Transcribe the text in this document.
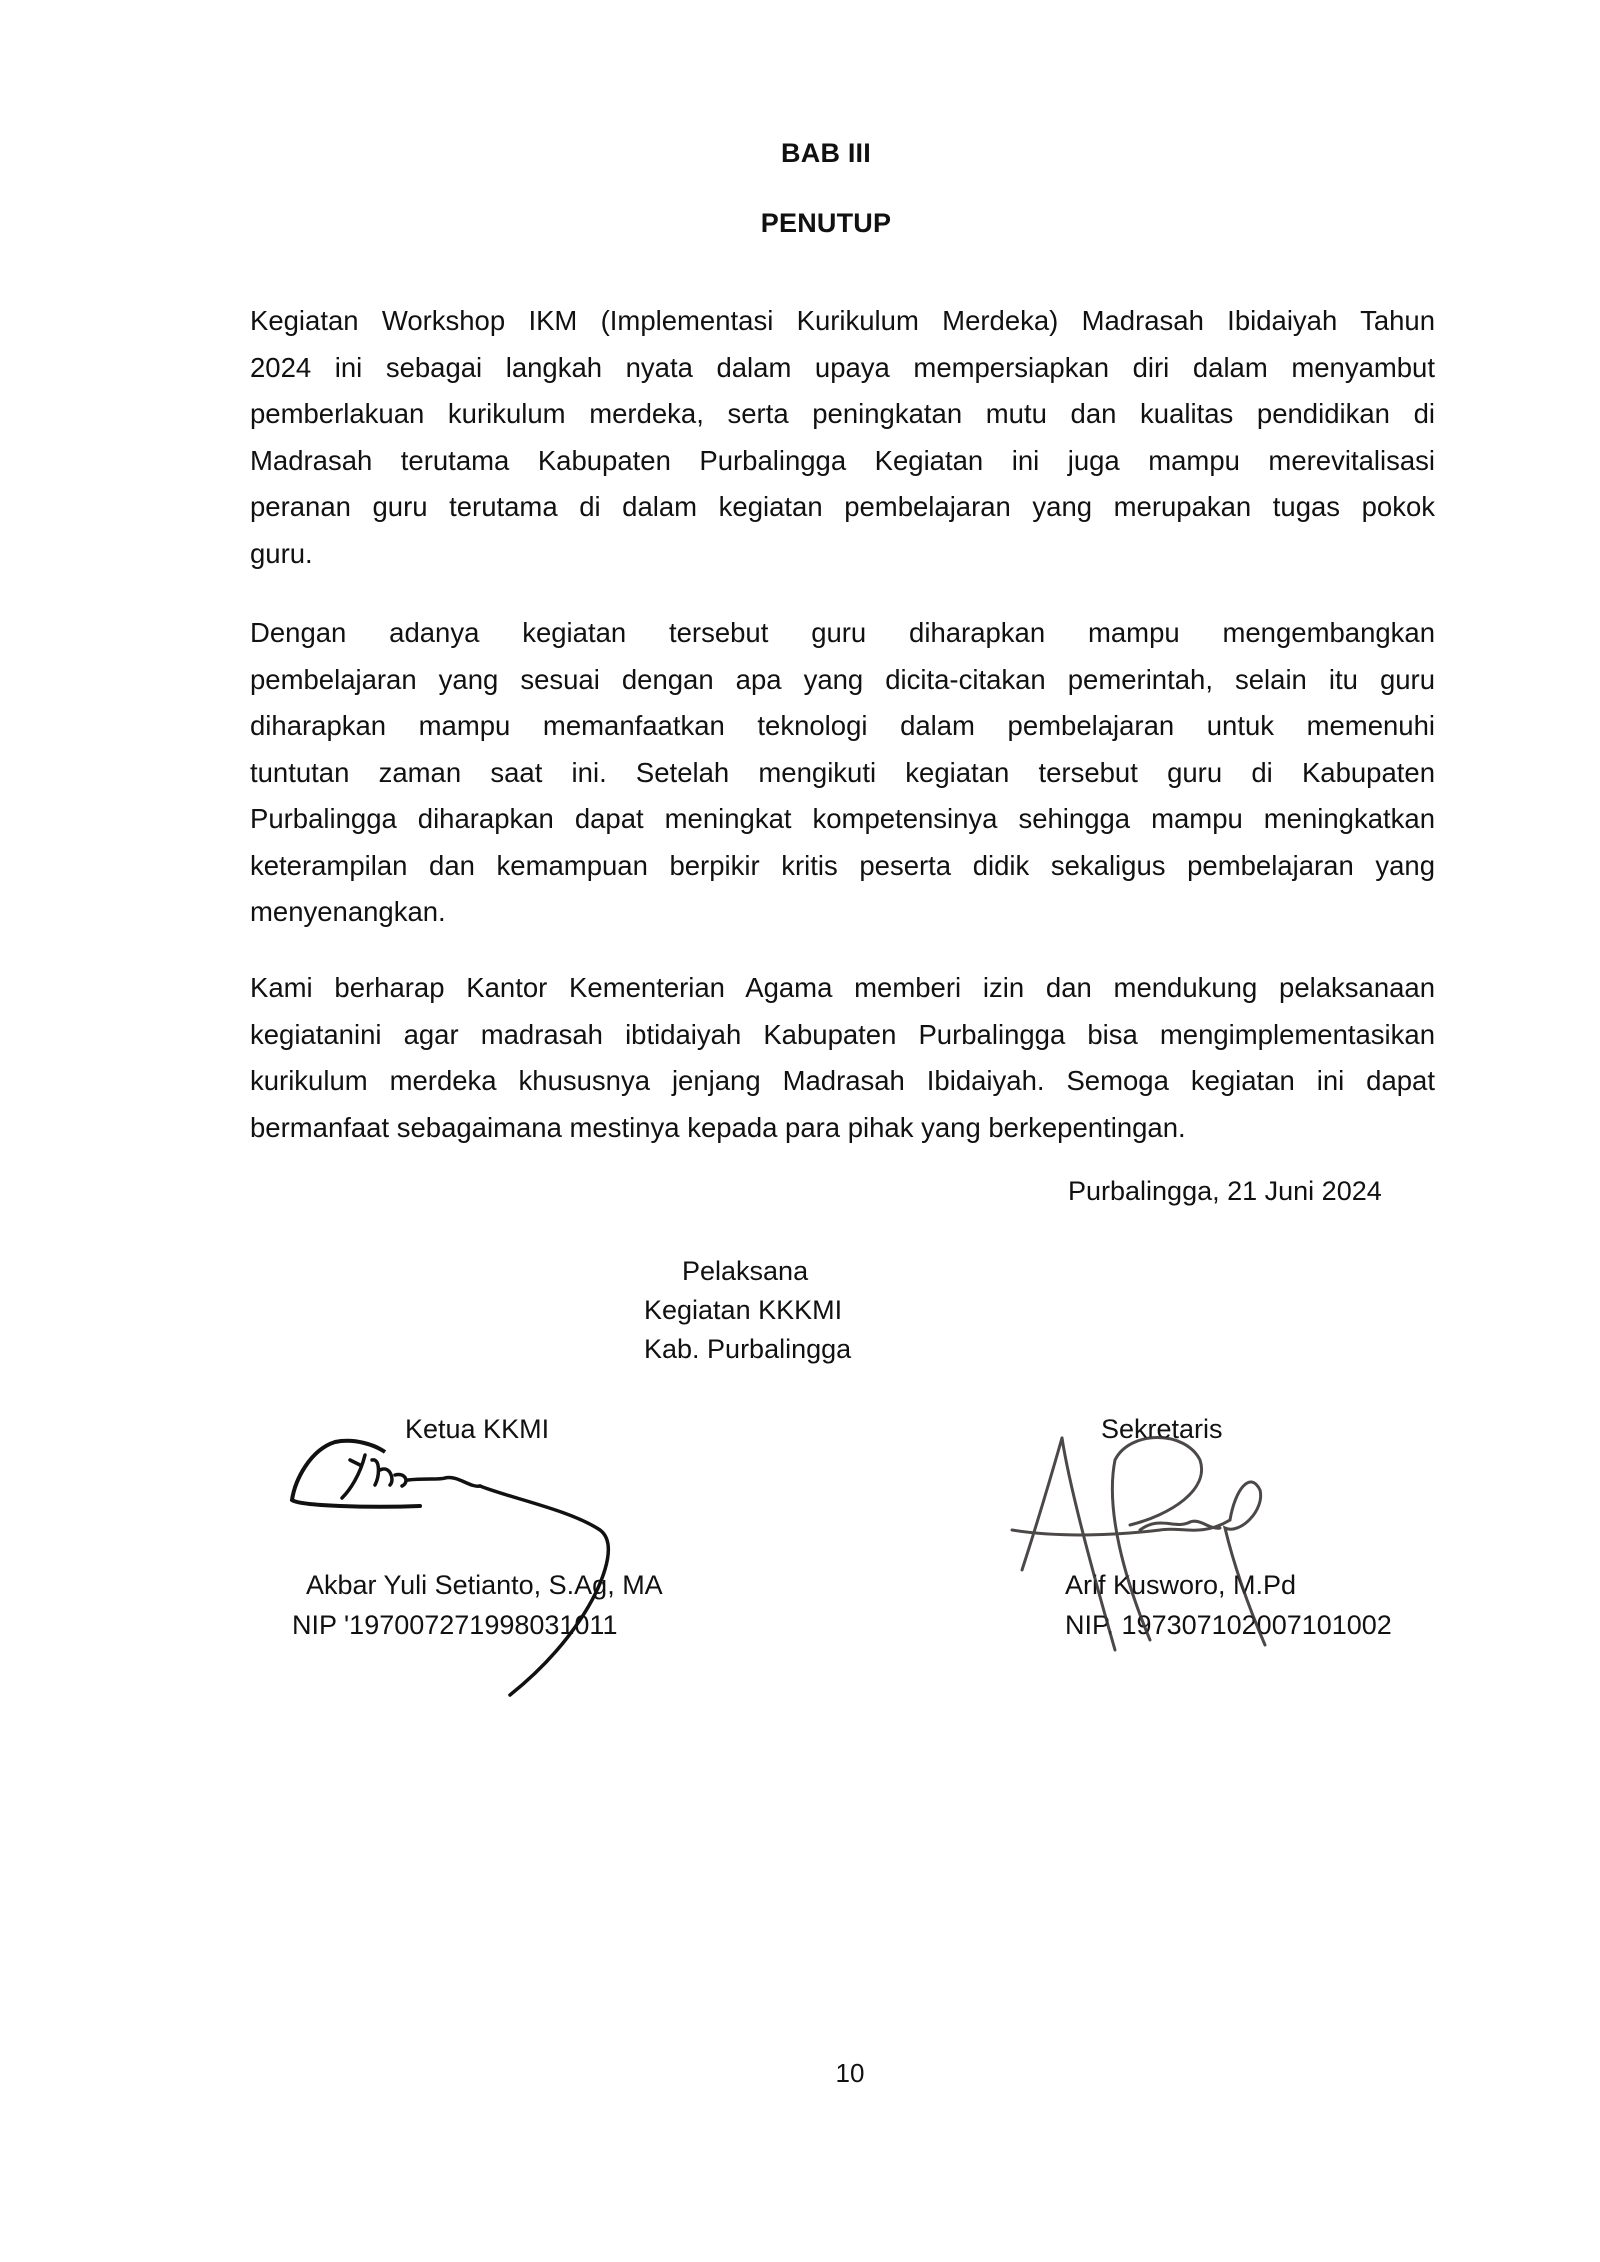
BAB III
PENUTUP
Kegiatan Workshop IKM (Implementasi Kurikulum Merdeka) Madrasah Ibidaiyah Tahun
2024 ini sebagai langkah nyata dalam upaya mempersiapkan diri dalam menyambut
pemberlakuan kurikulum merdeka, serta peningkatan mutu dan kualitas pendidikan di
Madrasah terutama Kabupaten Purbalingga Kegiatan ini juga mampu merevitalisasi
peranan guru terutama di dalam kegiatan pembelajaran yang merupakan tugas pokok
guru.
Dengan adanya kegiatan tersebut guru diharapkan mampu mengembangkan
pembelajaran yang sesuai dengan apa yang dicita-citakan pemerintah, selain itu guru
diharapkan mampu memanfaatkan teknologi dalam pembelajaran untuk memenuhi
tuntutan zaman saat ini. Setelah mengikuti kegiatan tersebut guru di Kabupaten
Purbalingga diharapkan dapat meningkat kompetensinya sehingga mampu meningkatkan
keterampilan dan kemampuan berpikir kritis peserta didik sekaligus pembelajaran yang
menyenangkan.
Kami berharap Kantor Kementerian Agama memberi izin dan mendukung pelaksanaan
kegiatanini agar madrasah ibtidaiyah Kabupaten Purbalingga bisa mengimplementasikan
kurikulum merdeka khususnya jenjang Madrasah Ibidaiyah. Semoga kegiatan ini dapat
bermanfaat sebagaimana mestinya kepada para pihak yang berkepentingan.
Purbalingga, 21 Juni 2024
Pelaksana
Kegiatan KKKMI
Kab. Purbalingga
Ketua KKMI
Akbar Yuli Setianto, S.Ag, MA
NIP '197007271998031011
Sekretaris
Arif Kusworo, M.Pd
NIP. 197307102007101002
10
